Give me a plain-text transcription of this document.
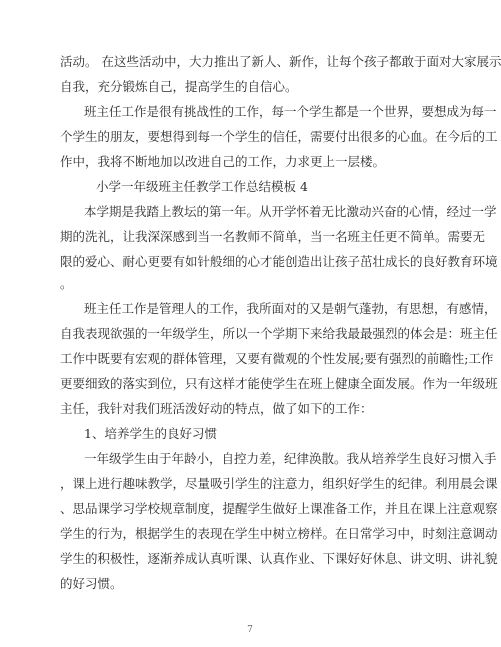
活动。 在这些活动中，大力推出了新人、新作，让每个孩子都敢于面对大家展示
自我，充分锻炼自己，提高学生的自信心。
班主任工作是很有挑战性的工作，每一个学生都是一个世界，要想成为每一
个学生的朋友，要想得到每一个学生的信任，需要付出很多的心血。在今后的工
作中，我将不断地加以改进自己的工作，力求更上一层楼。
小学一年级班主任教学工作总结模板 4
本学期是我踏上教坛的第一年。从开学怀着无比激动兴奋的心情，经过一学
期的洗礼，让我深深感到当一名教师不简单，当一名班主任更不简单。需要无
限的爱心、耐心更要有如针般细的心才能创造出让孩子茁壮成长的良好教育环境
。
班主任工作是管理人的工作，我所面对的又是朝气蓬勃，有思想，有感情，
自我表现欲强的一年级学生，所以一个学期下来给我最最强烈的体会是：班主任
工作中既要有宏观的群体管理，又要有微观的个性发展;要有强烈的前瞻性;工作
更要细致的落实到位，只有这样才能使学生在班上健康全面发展。作为一年级班
主任，我针对我们班活泼好动的特点，做了如下的工作：
1、培养学生的良好习惯
一年级学生由于年龄小，自控力差，纪律涣散。我从培养学生良好习惯入手
，课上进行趣味教学，尽量吸引学生的注意力，组织好学生的纪律。利用晨会课
、思品课学习学校规章制度，提醒学生做好上课准备工作，并且在课上注意观察
学生的行为，根据学生的表现在学生中树立榜样。在日常学习中，时刻注意调动
学生的积极性，逐渐养成认真听课、认真作业、下课好好休息、讲文明、讲礼貌
的好习惯。
7
